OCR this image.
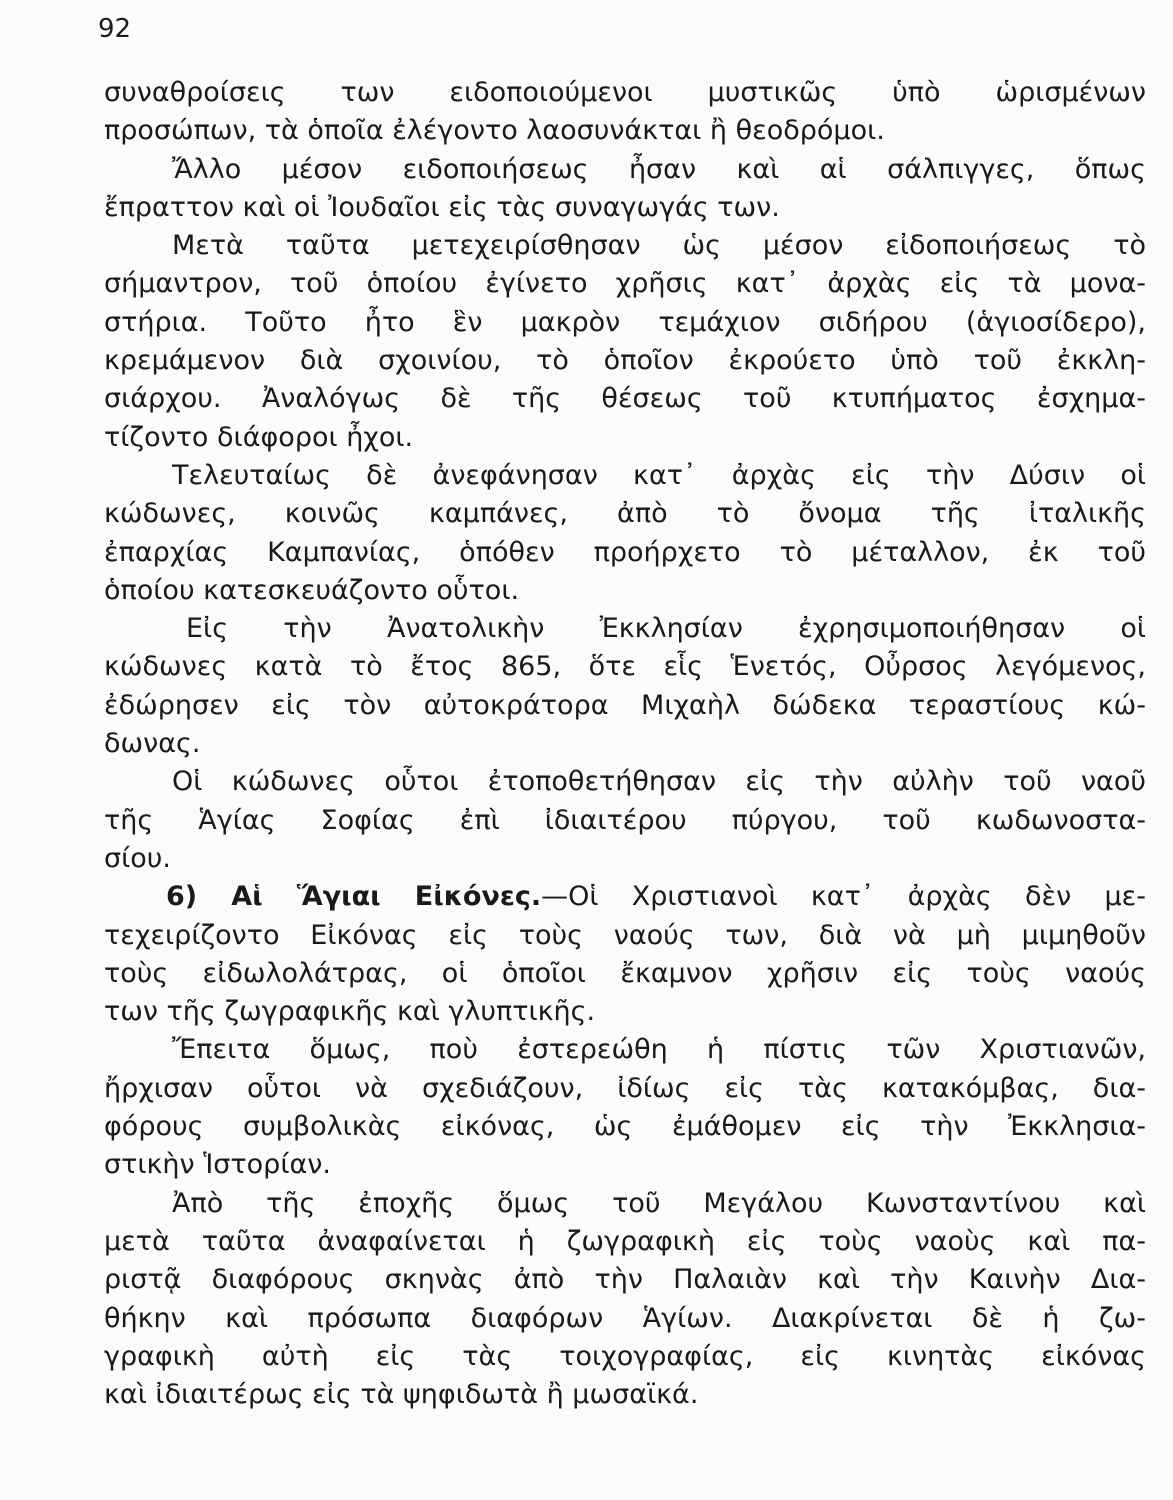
92
συναθροίσεις των ειδοποιούμενοι μυστικῶς ὑπὸ ὡρισμένων
προσώπων, τὰ ὁποῖα ἐλέγοντο λαοσυνάκται ἢ θεοδρόμοι.
Ἄλλο μέσον ειδοποιήσεως ἦσαν καὶ αἱ σάλπιγγες, ὅπως
ἔπραττον καὶ οἱ Ἰουδαῖοι εἰς τὰς συναγωγάς των.
Μετὰ ταῦτα μετεχειρίσθησαν ὡς μέσον εἰδοποιήσεως τὸ
σήμαντρον, τοῦ ὁποίου ἐγίνετο χρῆσις κατ᾽ ἀρχὰς εἰς τὰ μονα-
στήρια. Τοῦτο ἦτο ἓν μακρὸν τεμάχιον σιδήρου (ἁγιοσίδερο),
κρεμάμενον διὰ σχοινίου, τὸ ὁποῖον ἐκρούετο ὑπὸ τοῦ ἐκκλη-
σιάρχου. Ἀναλόγως δὲ τῆς θέσεως τοῦ κτυπήματος ἐσχημα-
τίζοντο διάφοροι ἦχοι.
Τελευταίως δὲ ἀνεφάνησαν κατ᾽ ἀρχὰς εἰς τὴν Δύσιν οἱ
κώδωνες, κοινῶς καμπάνες, ἀπὸ τὸ ὄνομα τῆς ἰταλικῆς
ἐπαρχίας Καμπανίας, ὁπόθεν προήρχετο τὸ μέταλλον, ἐκ τοῦ
ὁποίου κατεσκευάζοντο οὗτοι.
Εἰς τὴν Ἀνατολικὴν Ἐκκλησίαν ἐχρησιμοποιήθησαν οἱ
κώδωνες κατὰ τὸ ἔτος 865, ὅτε εἷς Ἑνετός, Οὖρσος λεγόμενος,
ἐδώρησεν εἰς τὸν αὐτοκράτορα Μιχαὴλ δώδεκα τεραστίους κώ-
δωνας.
Οἱ κώδωνες οὗτοι ἐτοποθετήθησαν εἰς τὴν αὐλὴν τοῦ ναοῦ
τῆς Ἁγίας Σοφίας ἐπὶ ἰδιαιτέρου πύργου, τοῦ κωδωνοστα-
σίου.
6) Αἱ Ἅγιαι Εἰκόνες.—Οἱ Χριστιανοὶ κατ᾽ ἀρχὰς δὲν με-
τεχειρίζοντο Εἰκόνας εἰς τοὺς ναούς των, διὰ νὰ μὴ μιμηθοῦν
τοὺς εἰδωλολάτρας, οἱ ὁποῖοι ἔκαμνον χρῆσιν εἰς τοὺς ναούς
των τῆς ζωγραφικῆς καὶ γλυπτικῆς.
Ἔπειτα ὅμως, ποὺ ἐστερεώθη ἡ πίστις τῶν Χριστιανῶν,
ἤρχισαν οὗτοι νὰ σχεδιάζουν, ἰδίως εἰς τὰς κατακόμβας, δια-
φόρους συμβολικὰς εἰκόνας, ὡς ἐμάθομεν εἰς τὴν Ἐκκλησια-
στικὴν Ἱστορίαν.
Ἀπὸ τῆς ἐποχῆς ὅμως τοῦ Μεγάλου Κωνσταντίνου καὶ
μετὰ ταῦτα ἀναφαίνεται ἡ ζωγραφικὴ εἰς τοὺς ναοὺς καὶ πα-
ριστᾷ διαφόρους σκηνὰς ἀπὸ τὴν Παλαιὰν καὶ τὴν Καινὴν Δια-
θήκην καὶ πρόσωπα διαφόρων Ἁγίων. Διακρίνεται δὲ ἡ ζω-
γραφικὴ αὐτὴ εἰς τὰς τοιχογραφίας, εἰς κινητὰς εἰκόνας
καὶ ἰδιαιτέρως εἰς τὰ ψηφιδωτὰ ἢ μωσαϊκά.
